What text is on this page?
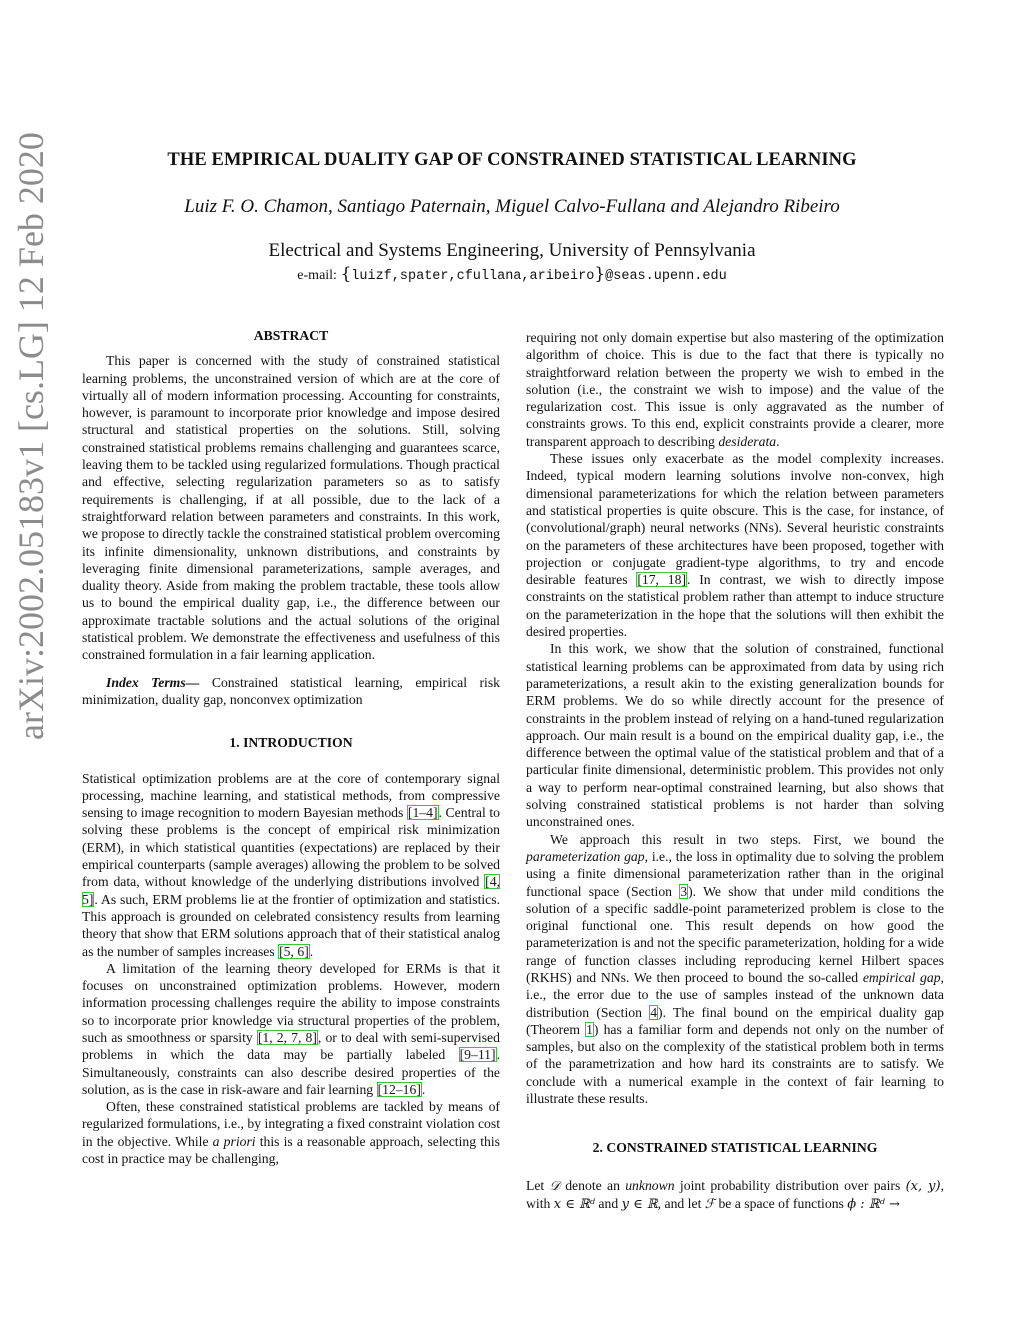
arXiv:2002.05183v1 [cs.LG] 12 Feb 2020	THE EMPIRICAL DUALITY GAP OF CONSTRAINED STATISTICAL LEARNING
Luiz F. O. Chamon, Santiago Paternain, Miguel Calvo-Fullana and Alejandro Ribeiro
Electrical and Systems Engineering, University of Pennsylvania
e-mail: {luizf,spater,cfullana,aribeiro}@seas.upenn.edu
ABSTRACT

This paper is concerned with the study of constrained statistical learning problems, the unconstrained version of which are at the core of virtually all of modern information processing. Accounting for constraints, however, is paramount to incorporate prior knowledge and impose desired structural and statistical properties on the solutions. Still, solving constrained statistical problems remains challenging and guarantees scarce, leaving them to be tackled using regularized formulations. Though practical and effective, selecting regularization parameters so as to satisfy requirements is challenging, if at all possible, due to the lack of a straightforward relation between parameters and constraints. In this work, we propose to directly tackle the constrained statistical problem overcoming its infinite dimensionality, unknown distributions, and constraints by leveraging finite dimensional parameterizations, sample averages, and duality theory. Aside from making the problem tractable, these tools allow us to bound the empirical duality gap, i.e., the difference between our approximate tractable solutions and the actual solutions of the original statistical problem. We demonstrate the effectiveness and usefulness of this constrained formulation in a fair learning application.

Index Terms— Constrained statistical learning, empirical risk minimization, duality gap, nonconvex optimization

1. INTRODUCTION

Statistical optimization problems are at the core of contemporary signal processing, machine learning, and statistical methods, from compressive sensing to image recognition to modern Bayesian methods [1–4]. Central to solving these problems is the concept of empirical risk minimization (ERM), in which statistical quantities (expectations) are replaced by their empirical counterparts (sample averages) allowing the problem to be solved from data, without knowledge of the underlying distributions involved [4, 5]. As such, ERM problems lie at the frontier of optimization and statistics. This approach is grounded on celebrated consistency results from learning theory that show that ERM solutions approach that of their statistical analog as the number of samples increases [5, 6].

A limitation of the learning theory developed for ERMs is that it focuses on unconstrained optimization problems. However, modern information processing challenges require the ability to impose constraints so to incorporate prior knowledge via structural properties of the problem, such as smoothness or sparsity [1, 2, 7, 8], or to deal with semi-supervised problems in which the data may be partially labeled [9–11]. Simultaneously, constraints can also describe desired properties of the solution, as is the case in risk-aware and fair learning [12–16].

Often, these constrained statistical problems are tackled by means of regularized formulations, i.e., by integrating a fixed constraint violation cost in the objective. While a priori this is a reasonable approach, selecting this cost in practice may be challenging,

requiring not only domain expertise but also mastering of the optimization algorithm of choice. This is due to the fact that there is typically no straightforward relation between the property we wish to embed in the solution (i.e., the constraint we wish to impose) and the value of the regularization cost. This issue is only aggravated as the number of constraints grows. To this end, explicit constraints provide a clearer, more transparent approach to describing desiderata.

These issues only exacerbate as the model complexity increases. Indeed, typical modern learning solutions involve non-convex, high dimensional parameterizations for which the relation between parameters and statistical properties is quite obscure. This is the case, for instance, of (convolutional/graph) neural networks (NNs). Several heuristic constraints on the parameters of these architectures have been proposed, together with projection or conjugate gradient-type algorithms, to try and encode desirable features [17, 18]. In contrast, we wish to directly impose constraints on the statistical problem rather than attempt to induce structure on the parameterization in the hope that the solutions will then exhibit the desired properties.

In this work, we show that the solution of constrained, functional statistical learning problems can be approximated from data by using rich parameterizations, a result akin to the existing generalization bounds for ERM problems. We do so while directly account for the presence of constraints in the problem instead of relying on a hand-tuned regularization approach. Our main result is a bound on the empirical duality gap, i.e., the difference between the optimal value of the statistical problem and that of a particular finite dimensional, deterministic problem. This provides not only a way to perform near-optimal constrained learning, but also shows that solving constrained statistical problems is not harder than solving unconstrained ones.

We approach this result in two steps. First, we bound the parameterization gap, i.e., the loss in optimality due to solving the problem using a finite dimensional parameterization rather than in the original functional space (Section 3). We show that under mild conditions the solution of a specific saddle-point parameterized problem is close to the original functional one. This result depends on how good the parameterization is and not the specific parameterization, holding for a wide range of function classes including reproducing kernel Hilbert spaces (RKHS) and NNs. We then proceed to bound the so-called empirical gap, i.e., the error due to the use of samples instead of the unknown data distribution (Section 4). The final bound on the empirical duality gap (Theorem 1) has a familiar form and depends not only on the number of samples, but also on the complexity of the statistical problem both in terms of the parametrization and how hard its constraints are to satisfy. We conclude with a numerical example in the context of fair learning to illustrate these results.

2. CONSTRAINED STATISTICAL LEARNING

Let 𝒟 denote an unknown joint probability distribution over pairs (x, y), with x ∈ ℝᵈ and y ∈ ℝ, and let ℱ be a space of functions ϕ : ℝᵈ →
